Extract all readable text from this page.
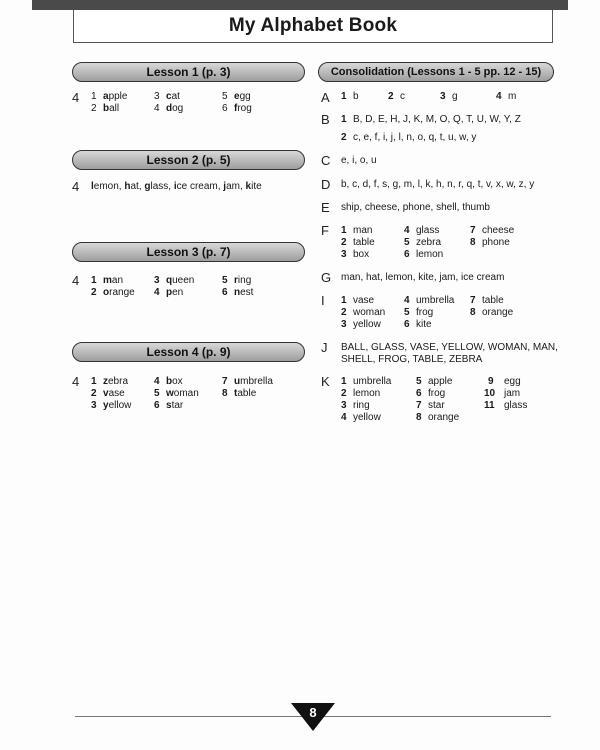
My Alphabet Book
Lesson 1 (p. 3)
4 1 apple	3 cat	5 egg
2 ball	4 dog	6 frog
Lesson 2 (p. 5)
4 lemon, hat, glass, ice cream, jam, kite
Lesson 3 (p. 7)
4 1 man	3 queen	5 ring
2 orange 4 pen	6 nest
Lesson 4 (p. 9)
4 1 zebra	4 box	7 umbrella
2 vase	5 woman 8 table
3 yellow 6 star
Consolidation (Lessons 1 - 5 pp. 12 - 15)
A 1 b	2 c	3 g	4 m
B 1 B, D, E, H, J, K, M, O, Q, T, U, W, Y, Z
2 c, e, f, i, j, l, n, o, q, t, u, w, y
C e, i, o, u
D b, c, d, f, s, g, m, l, k, h, n, r, q, t, v, x, w, z, y
E ship, cheese, phone, shell, thumb
F 1 man	4 glass	7 cheese
2 table	5 zebra	8 phone
3 box	6 lemon
G man, hat, lemon, kite, jam, ice cream
I 1 vase	4 umbrella 7 table
2 woman 5 frog	8 orange
3 yellow 6 kite
J BALL, GLASS, VASE, YELLOW, WOMAN, MAN,
SHELL, FROG, TABLE, ZEBRA
K 1 umbrella 5 apple	9 egg
2 lemon	6 frog	10 jam
3 ring	7 star	11 glass
4 yellow	8 orange
8
